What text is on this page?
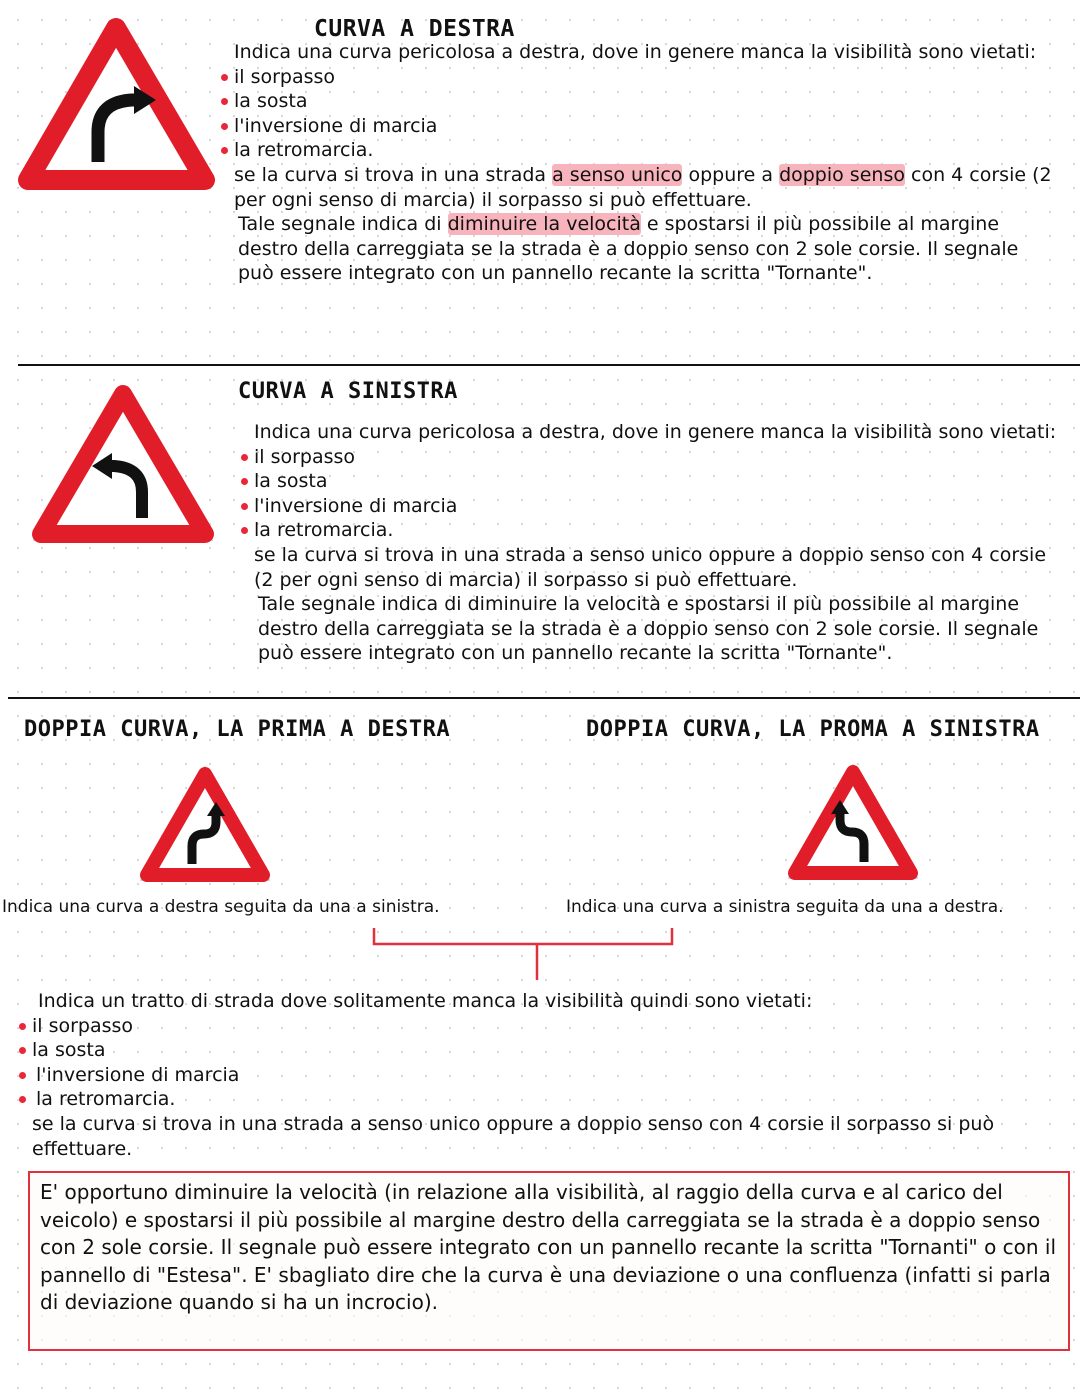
CURVA A DESTRA

Indica una curva pericolosa a destra, dove in genere manca la visibilità sono vietati:

il sorpasso
la sosta
l'inversione di marcia
la retromarcia.

se la curva si trova in una strada a senso unico oppure a doppio senso con 4 corsie (2 per ogni senso di marcia) il sorpasso si può effettuare.

Tale segnale indica di diminuire la velocità e spostarsi il più possibile al margine destro della carreggiata se la strada è a doppio senso con 2 sole corsie. Il segnale può essere integrato con un pannello recante la scritta "Tornante".

CURVA A SINISTRA

Indica una curva pericolosa a destra, dove in genere manca la visibilità sono vietati:

il sorpasso
la sosta
l'inversione di marcia
la retromarcia.

se la curva si trova in una strada a senso unico oppure a doppio senso con 4 corsie (2 per ogni senso di marcia) il sorpasso si può effettuare.

Tale segnale indica di diminuire la velocità e spostarsi il più possibile al margine destro della carreggiata se la strada è a doppio senso con 2 sole corsie. Il segnale può essere integrato con un pannello recante la scritta "Tornante".

DOPPIA CURVA, LA PRIMA A DESTRA	DOPPIA CURVA, LA PROMA A SINISTRA
Indica una curva a destra seguita da una a sinistra.	Indica una curva a sinistra seguita da una a destra.

Indica un tratto di strada dove solitamente manca la visibilità quindi sono vietati:

il sorpasso
la sosta
l'inversione di marcia
la retromarcia.

se la curva si trova in una strada a senso unico oppure a doppio senso con 4 corsie il sorpasso si può effettuare.

E' opportuno diminuire la velocità (in relazione alla visibilità, al raggio della curva e al carico del veicolo) e spostarsi il più possibile al margine destro della carreggiata se la strada è a doppio senso con 2 sole corsie. Il segnale può essere integrato con un pannello recante la scritta "Tornanti" o con il pannello di "Estesa". E' sbagliato dire che la curva è una deviazione o una confluenza (infatti si parla di deviazione quando si ha un incrocio).
